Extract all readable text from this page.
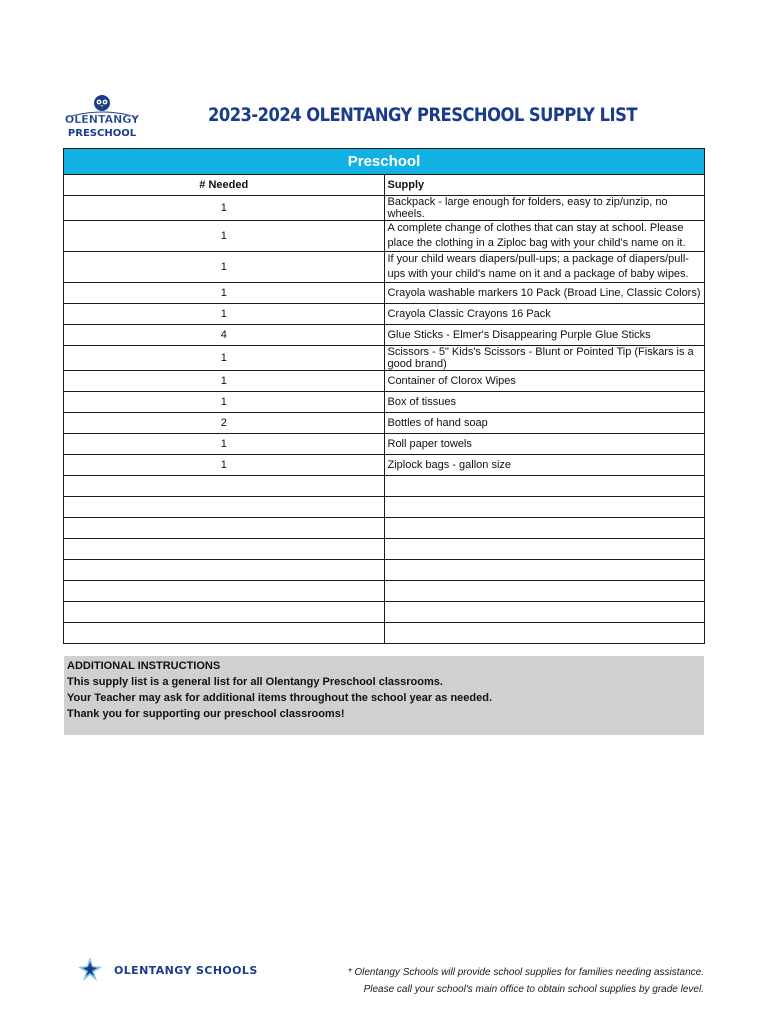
OLENTANGY
PRESCHOOL
2023-2024 OLENTANGY PRESCHOOL SUPPLY LIST
Preschool	
# Needed	Supply
1	Backpack - large enough for folders, easy to zip/unzip, no wheels.
1	A complete change of clothes that can stay at school. Please place the clothing in a Ziploc bag with your child's name on it.
1	If your child wears diapers/pull-ups; a package of diapers/pull-ups with your child's name on it and a package of baby wipes.
1	Crayola washable markers 10 Pack (Broad Line, Classic Colors)
1	Crayola Classic Crayons 16 Pack
4	Glue Sticks - Elmer's Disappearing Purple Glue Sticks
1	Scissors - 5" Kids's Scissors - Blunt or Pointed Tip (Fiskars is a good brand)
1	Container of Clorox Wipes
1	Box of tissues
2	Bottles of hand soap
1	Roll paper towels
1	Ziplock bags - gallon size

ADDITIONAL INSTRUCTIONS
This supply list is a general list for all Olentangy Preschool classrooms.
Your Teacher may ask for additional items throughout the school year as needed.
Thank you for supporting our preschool classrooms!
OLENTANGY SCHOOLS	* Olentangy Schools will provide school supplies for families needing assistance.
Please call your school's main office to obtain school supplies by grade level.
